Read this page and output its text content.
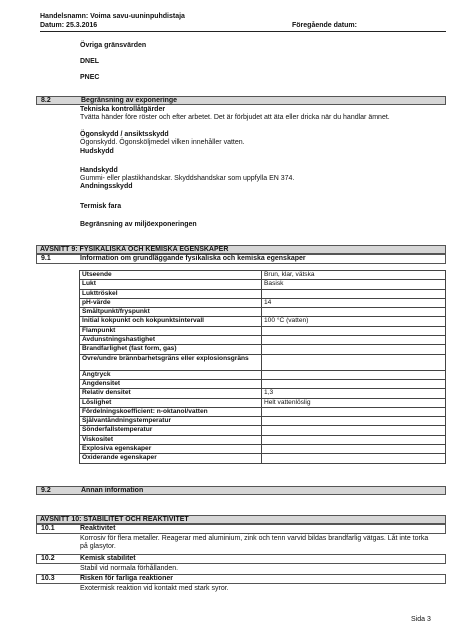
Handelsnamn: Voima savu-uuninpuhdistaja
Datum: 25.3.2016	Föregående datum:
Övriga gränsvärden
DNEL
PNEC
8.2	Begränsning av exponeringe
Tekniska kontrollåtgärder
Tvätta händer före röster och efter arbetet. Det är förbjudet att äta eller dricka när du handlar ämnet.
Ögonskydd / ansiktsskydd
Ögonskydd. Ögonsköljmedel vilken innehåller vatten.
Hudskydd
Handskydd
Gummi- eller plastikhandskar. Skyddshandskar som uppfylla EN 374.
Andningsskydd
Termisk fara
Begränsning av miljöexponeringen
AVSNITT 9: FYSIKALISKA OCH KEMISKA EGENSKAPER
9.1	Information om grundläggande fysikaliska och kemiska egenskaper
Utseende	Brun, klar, vätska
Lukt	Basisk
Lukttröskel	
pH-värde	14
Smältpunkt/fryspunkt	
Initial kokpunkt och kokpunktsintervall	100 °C (vatten)
Flampunkt	
Avdunstningshastighet	
Brandfarlighet (fast form, gas)	
Övre/undre brännbarhetsgräns eller explosionsgräns	
Ångtryck	
Ångdensitet	
Relativ densitet	1,3
Löslighet	Helt vattenlöslig
Fördelningskoefficient: n-oktanol/vatten	
Självantändningstemperatur	
Sönderfallstemperatur	
Viskositet	
Explosiva egenskaper	
Oxiderande egenskaper	
9.2	Annan information
AVSNITT 10: STABILITET OCH REAKTIVITET
10.1	Reaktivitet
Korrosiv för flera metaller. Reagerar med aluminium, zink och tenn varvid bildas brandfarlig vätgas. Låt inte torka på glasytor.
10.2	Kemisk stabilitet
Stabil vid normala förhållanden.
10.3	Risken för farliga reaktioner
Exotermisk reaktion vid kontakt med stark syror.
Sida 3
